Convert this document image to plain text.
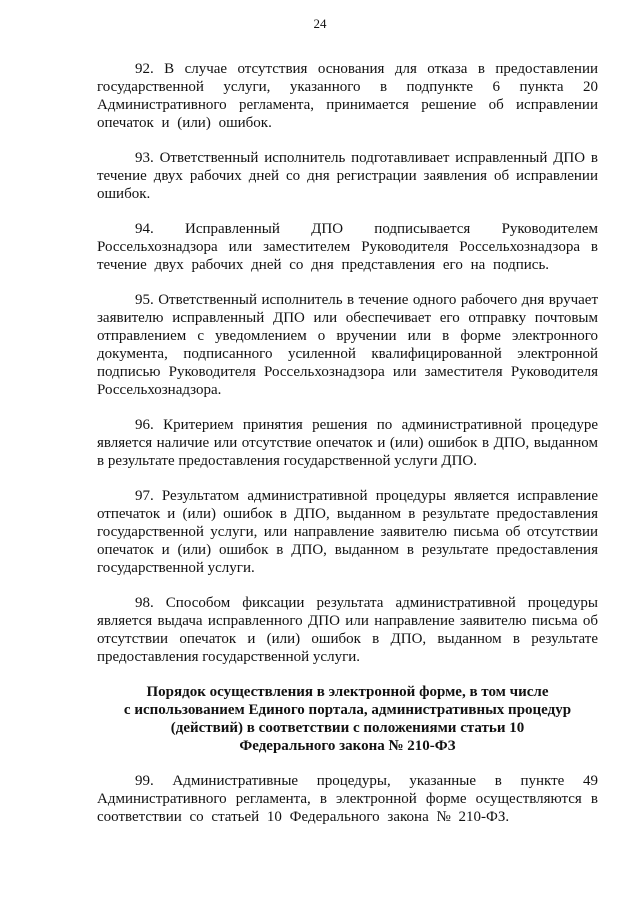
24

92. В случае отсутствия основания для отказа в предоставлении государственной услуги, указанного в подпункте 6 пункта 20 Административного регламента, принимается решение об исправлении опечаток и (или) ошибок.

93. Ответственный исполнитель подготавливает исправленный ДПО в течение двух рабочих дней со дня регистрации заявления об исправлении ошибок.

94. Исправленный ДПО подписывается Руководителем Россельхознадзора или заместителем Руководителя Россельхознадзора в течение двух рабочих дней со дня представления его на подпись.

95. Ответственный исполнитель в течение одного рабочего дня вручает заявителю исправленный ДПО или обеспечивает его отправку почтовым отправлением с уведомлением о вручении или в форме электронного документа, подписанного усиленной квалифицированной электронной подписью Руководителя Россельхознадзора или заместителя Руководителя Россельхознадзора.

96. Критерием принятия решения по административной процедуре является наличие или отсутствие опечаток и (или) ошибок в ДПО, выданном в результате предоставления государственной услуги ДПО.

97. Результатом административной процедуры является исправление отпечаток и (или) ошибок в ДПО, выданном в результате предоставления государственной услуги, или направление заявителю письма об отсутствии опечаток и (или) ошибок в ДПО, выданном в результате предоставления государственной услуги.

98. Способом фиксации результата административной процедуры является выдача исправленного ДПО или направление заявителю письма об отсутствии опечаток и (или) ошибок в ДПО, выданном в результате предоставления государственной услуги.

Порядок осуществления в электронной форме, в том числе
с использованием Единого портала, административных процедур
(действий) в соответствии с положениями статьи 10
Федерального закона № 210-ФЗ

99. Административные процедуры, указанные в пункте 49 Административного регламента, в электронной форме осуществляются в соответствии со статьей 10 Федерального закона № 210-ФЗ.
